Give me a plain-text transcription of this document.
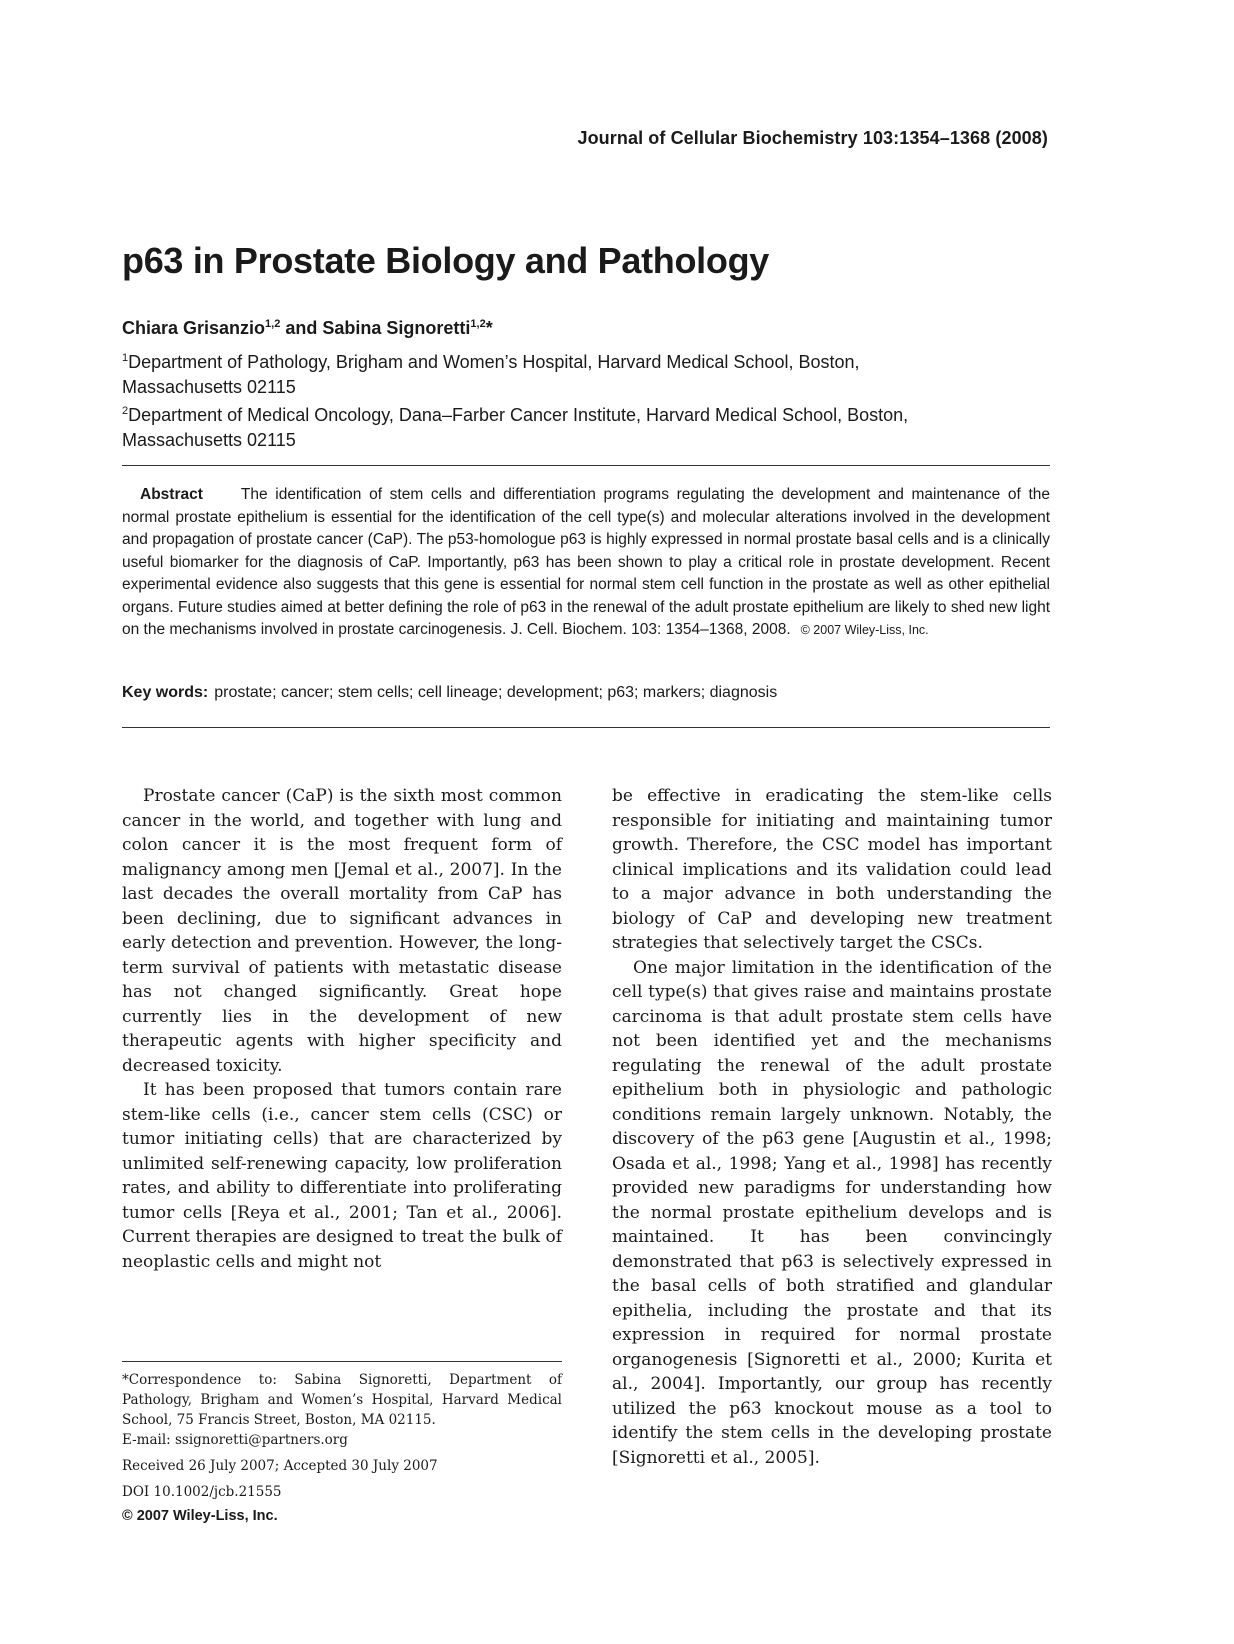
Journal of Cellular Biochemistry 103:1354–1368 (2008)
p63 in Prostate Biology and Pathology
Chiara Grisanzio$^{1,2}$ and Sabina Signoretti$^{1,2}$*
$^1$Department of Pathology, Brigham and Women’s Hospital, Harvard Medical School, Boston, Massachusetts 02115
$^2$Department of Medical Oncology, Dana–Farber Cancer Institute, Harvard Medical School, Boston, Massachusetts 02115

Abstract The identification of stem cells and differentiation programs regulating the development and maintenance of the normal prostate epithelium is essential for the identification of the cell type(s) and molecular alterations involved in the development and propagation of prostate cancer (CaP). The p53-homologue p63 is highly expressed in normal prostate basal cells and is a clinically useful biomarker for the diagnosis of CaP. Importantly, p63 has been shown to play a critical role in prostate development. Recent experimental evidence also suggests that this gene is essential for normal stem cell function in the prostate as well as other epithelial organs. Future studies aimed at better defining the role of p63 in the renewal of the adult prostate epithelium are likely to shed new light on the mechanisms involved in prostate carcinogenesis. J. Cell. Biochem. 103: 1354–1368, 2008. © 2007 Wiley-Liss, Inc.

Key words: prostate; cancer; stem cells; cell lineage; development; p63; markers; diagnosis

Prostate cancer (CaP) is the sixth most common cancer in the world, and together with lung and colon cancer it is the most frequent form of malignancy among men [Jemal et al., 2007]. In the last decades the overall mortality from CaP has been declining, due to significant advances in early detection and prevention. However, the long-term survival of patients with metastatic disease has not changed significantly. Great hope currently lies in the development of new therapeutic agents with higher specificity and decreased toxicity.

It has been proposed that tumors contain rare stem-like cells (i.e., cancer stem cells (CSC) or tumor initiating cells) that are characterized by unlimited self-renewing capacity, low proliferation rates, and ability to differentiate into proliferating tumor cells [Reya et al., 2001; Tan et al., 2006]. Current therapies are designed to treat the bulk of neoplastic cells and might not

be effective in eradicating the stem-like cells responsible for initiating and maintaining tumor growth. Therefore, the CSC model has important clinical implications and its validation could lead to a major advance in both understanding the biology of CaP and developing new treatment strategies that selectively target the CSCs.

One major limitation in the identification of the cell type(s) that gives raise and maintains prostate carcinoma is that adult prostate stem cells have not been identified yet and the mechanisms regulating the renewal of the adult prostate epithelium both in physiologic and pathologic conditions remain largely unknown. Notably, the discovery of the p63 gene [Augustin et al., 1998; Osada et al., 1998; Yang et al., 1998] has recently provided new paradigms for understanding how the normal prostate epithelium develops and is maintained. It has been convincingly demonstrated that p63 is selectively expressed in the basal cells of both stratified and glandular epithelia, including the prostate and that its expression in required for normal prostate organogenesis [Signoretti et al., 2000; Kurita et al., 2004]. Importantly, our group has recently utilized the p63 knockout mouse as a tool to identify the stem cells in the developing prostate [Signoretti et al., 2005].

*Correspondence to: Sabina Signoretti, Department of Pathology, Brigham and Women’s Hospital, Harvard Medical School, 75 Francis Street, Boston, MA 02115.
E-mail: ssignoretti@partners.org
Received 26 July 2007; Accepted 30 July 2007
DOI 10.1002/jcb.21555
© 2007 Wiley-Liss, Inc.
